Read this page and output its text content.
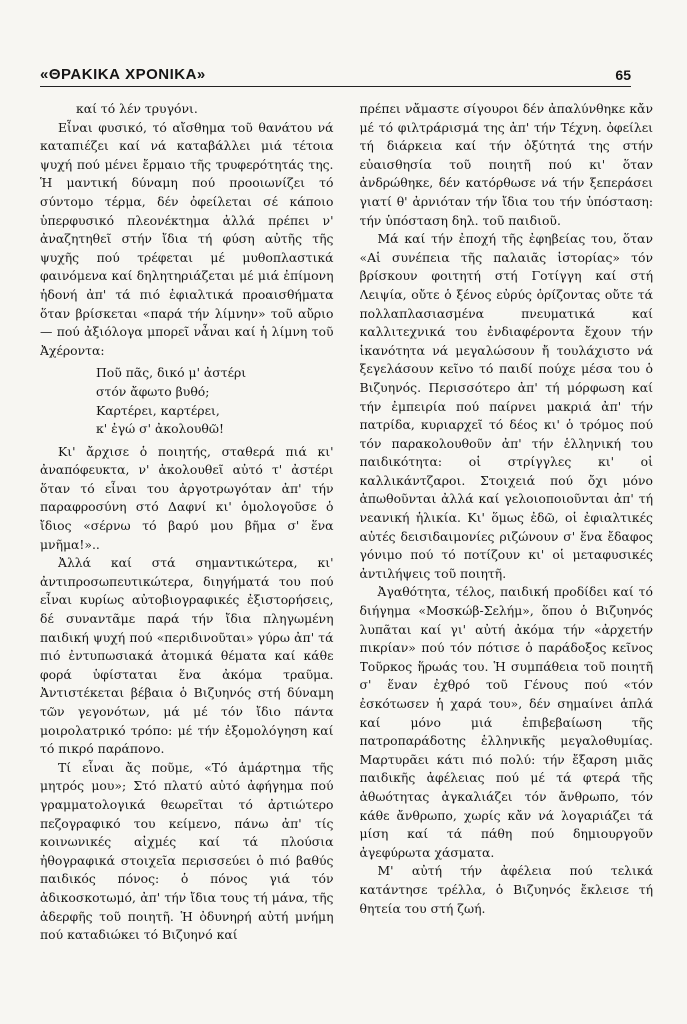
«ΘΡΑΚΙΚΑ ΧΡΟΝΙΚΑ»	65

καί τό λέν τρυγόνι.

Εἶναι φυσικό, τό αἴσθημα τοῦ θανάτου νά καταπιέζει καί νά καταβάλλει μιά τέτοια ψυχή πού μένει ἔρμαιο τῆς τρυφερότητάς της. Ἡ μαντική δύναμη πού προοιωνίζει τό σύντομο τέρμα, δέν ὀφείλεται σέ κάποιο ὑπερφυσικό πλεονέκτημα ἀλλά πρέπει ν' ἀναζητηθεῖ στήν ἴδια τή φύση αὐτῆς τῆς ψυχῆς πού τρέφεται μέ μυθοπλαστικά φαινόμενα καί δηλητηριάζεται μέ μιά ἐπίμονη ἡδονή ἀπ' τά πιό ἐφιαλτικά προαισθήματα ὅταν βρίσκεται «παρά τήν λίμνην» τοῦ αὔριο — πού ἀξιόλογα μπορεῖ νἆναι καί ἡ λίμνη τοῦ Ἀχέροντα:

Ποῦ πᾶς, δικό μ' ἀστέρι
στόν ἄφωτο βυθό;
Καρτέρει, καρτέρει,
κ' ἐγώ σ' ἀκολουθῶ!

Κι' ἄρχισε ὁ ποιητής, σταθερά πιά κι' ἀναπόφευκτα, ν' ἀκολουθεῖ αὐτό τ' ἀστέρι ὅταν τό εἶναι του ἀργοτρωγόταν ἀπ' τήν παραφροσύνη στό Δαφνί κι' ὁμολογοῦσε ὁ ἴδιος «σέρνω τό βαρύ μου βῆμα σ' ἕνα μνῆμα!»..

Ἀλλά καί στά σημαντικώτερα, κι' ἀντιπροσωπευτικώτερα, διηγήματά του πού εἶναι κυρίως αὐτοβιογραφικές ἐξιστορήσεις, δέ συναντᾶμε παρά τήν ἴδια πληγωμένη παιδική ψυχή πού «περιδινοῦται» γύρω ἀπ' τά πιό ἐντυπωσιακά ἀτομικά θέματα καί κάθε φορά ὑφίσταται ἕνα ἀκόμα τραῦμα. Ἀντιστέκεται βέβαια ὁ Βιζυηνός στή δύναμη τῶν γεγονότων, μά μέ τόν ἴδιο πάντα μοιρολατρικό τρόπο: μέ τήν ἐξομολόγηση καί τό πικρό παράπονο.

Τί εἶναι ἄς ποῦμε, «Τό ἁμάρτημα τῆς μητρός μου»; Στό πλατύ αὐτό ἀφήγημα πού γραμματολογικά θεωρεῖται τό ἀρτιώτερο πεζογραφικό του κείμενο, πάνω ἀπ' τίς κοινωνικές αἰχμές καί τά πλούσια ἠθογραφικά στοιχεῖα περισσεύει ὁ πιό βαθύς παιδικός πόνος: ὁ πόνος γιά τόν ἀδικοσκοτωμό, ἀπ' τήν ἴδια τους τή μάνα, τῆς ἀδερφῆς τοῦ ποιητῆ. Ἡ ὀδυνηρή αὐτή μνήμη πού καταδιώκει τό Βιζυηνό καί

πρέπει νἄμαστε σίγουροι δέν ἀπαλύνθηκε κἄν μέ τό φιλτράρισμά της ἀπ' τήν Τέχνη. ὀφείλει τή διάρκεια καί τήν ὀξύτητά της στήν εὐαισθησία τοῦ ποιητῆ πού κι' ὅταν ἀνδρώθηκε, δέν κατόρθωσε νά τήν ξεπεράσει γιατί θ' ἀρνιόταν τήν ἴδια του τήν ὑπόσταση: τήν ὑπόσταση δηλ. τοῦ παιδιοῦ.

Μά καί τήν ἐποχή τῆς ἐφηβείας του, ὅταν «Αἱ συνέπεια τῆς παλαιᾶς ἱστορίας» τόν βρίσκουν φοιτητή στή Γοτίγγη καί στή Λειψία, οὔτε ὁ ξένος εὐρύς ὁρίζοντας οὔτε τά πολλαπλασιασμένα πνευματικά καί καλλιτεχνικά του ἐνδιαφέροντα ἔχουν τήν ἱκανότητα νά μεγαλώσουν ἤ τουλάχιστο νά ξεγελάσουν κεῖνο τό παιδί πούχε μέσα του ὁ Βιζυηνός. Περισσότερο ἀπ' τή μόρφωση καί τήν ἐμπειρία πού παίρνει μακριά ἀπ' τήν πατρίδα, κυριαρχεῖ τό δέος κι' ὁ τρόμος πού τόν παρακολουθοῦν ἀπ' τήν ἑλληνική του παιδικότητα: οἱ στρίγγλες κι' οἱ καλλικάντζαροι. Στοιχειά πού ὄχι μόνο ἀπωθοῦνται ἀλλά καί γελοιοποιοῦνται ἀπ' τή νεανική ἡλικία. Κι' ὅμως ἐδῶ, οἱ ἐφιαλτικές αὐτές δεισιδαιμονίες ριζώνουν σ' ἕνα ἔδαφος γόνιμο πού τό ποτίζουν κι' οἱ μεταφυσικές ἀντιλήψεις τοῦ ποιητῆ.

Ἀγαθότητα, τέλος, παιδική προδίδει καί τό διήγημα «Μοσκώβ-Σελήμ», ὅπου ὁ Βιζυηνός λυπᾶται καί γι' αὐτή ἀκόμα τήν «ἀρχετήν πικρίαν» πού τόν πότισε ὁ παράδοξος κεῖνος Τοῦρκος ἥρωάς του. Ἡ συμπάθεια τοῦ ποιητῆ σ' ἕναν ἐχθρό τοῦ Γένους πού «τόν ἐσκότωσεν ἡ χαρά του», δέν σημαίνει ἁπλά καί μόνο μιά ἐπιβεβαίωση τῆς πατροπαράδοτης ἑλληνικῆς μεγαλοθυμίας. Μαρτυρᾶει κάτι πιό πολύ: τήν ἔξαρση μιᾶς παιδικῆς ἀφέλειας πού μέ τά φτερά τῆς ἀθωότητας ἀγκαλιάζει τόν ἄνθρωπο, τόν κάθε ἄνθρωπο, χωρίς κἄν νά λογαριάζει τά μίση καί τά πάθη πού δημιουργοῦν ἀγεφύρωτα χάσματα.

Μ' αὐτή τήν ἀφέλεια πού τελικά κατάντησε τρέλλα, ὁ Βιζυηνός ἔκλεισε τή θητεία του στή ζωή.
